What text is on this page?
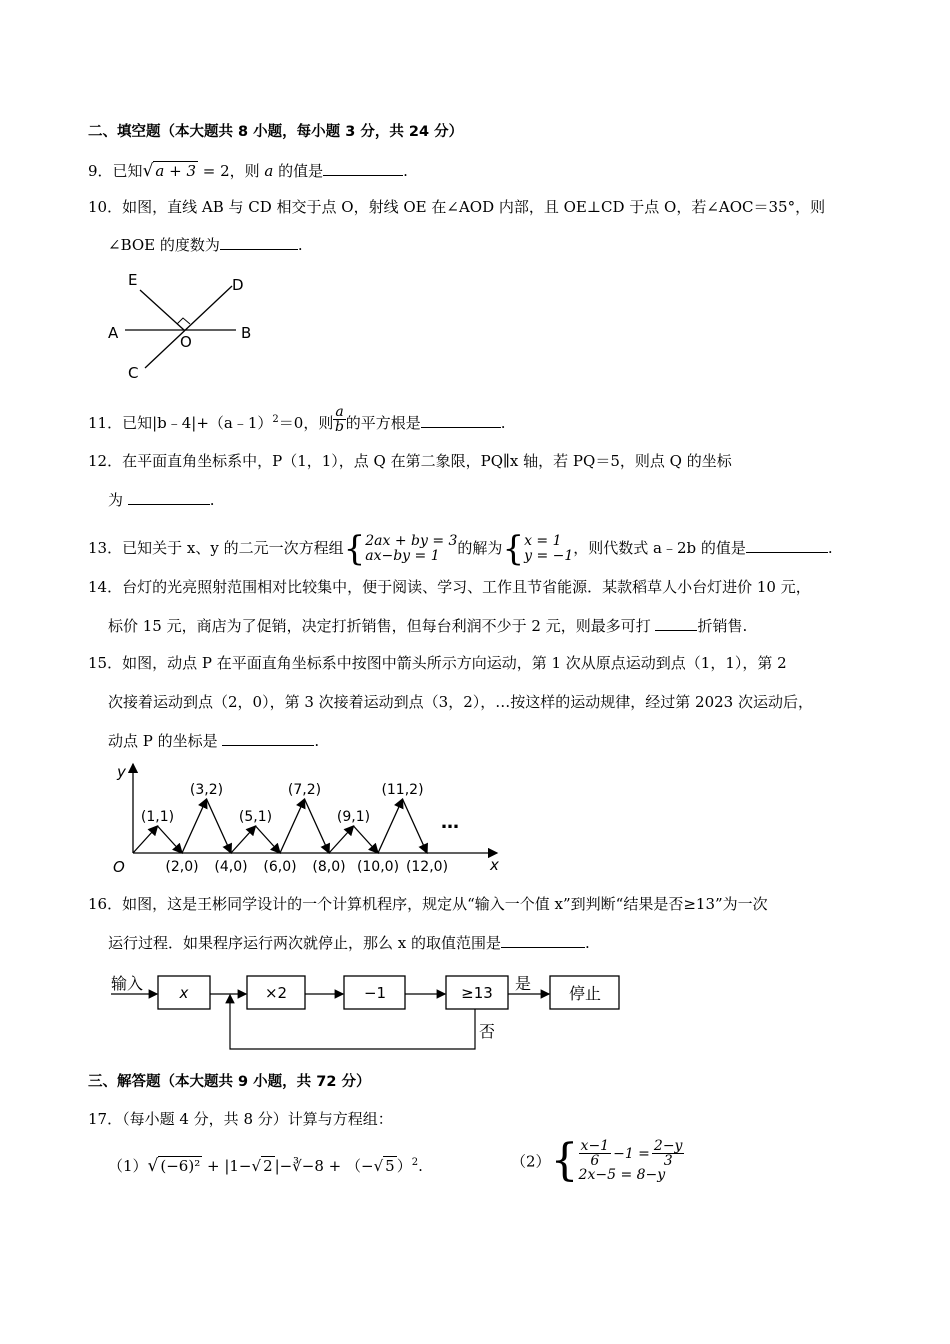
二、填空题（本大题共 8 小题，每小题 3 分，共 24 分）
9．已知√ a + 3 = 2，则 a 的值是	.
10．如图，直线 AB 与 CD 相交于点 O，射线 OE 在∠AOD 内部，且 OE⊥CD 于点 O，若∠AOC＝35°，则
∠BOE 的度数为	.
E	D
A	B
O
C
11．已知|b﹣4|+（a﹣1）$^2$＝0，则 $\frac{a}{b}$ 的平方根是	.
12．在平面直角坐标系中，P（1，1），点 Q 在第二象限，PQ∥x 轴，若 PQ＝5，则点 Q 的坐标
为	.
13．已知关于 x、y 的二元一次方程组{ 2ax + by = 3
ax−by = 1	的解为{ x = 1
y = −1 ，则代数式 a﹣2b 的值是	.
14．台灯的光亮照射范围相对比较集中，便于阅读、学习、工作且节省能源．某款稻草人小台灯进价 10 元，
标价 15 元，商店为了促销，决定打折销售，但每台利润不少于 2 元，则最多可打	折销售.
15．如图，动点 P 在平面直角坐标系中按图中箭头所示方向运动，第 1 次从原点运动到点（1，1），第 2
次接着运动到点（2，0），第 3 次接着运动到点（3，2），…按这样的运动规律，经过第 2023 次运动后，
动点 P 的坐标是	.
y
x
O
…
(1,1)
(3,2)
(5,1)
(7,2)
(9,1)
(11,2)
(2,0) (4,0) (6,0) (8,0) (10,0) (12,0)
16．如图，这是王彬同学设计的一个计算机程序，规定从“输入一个值 x”到判断“结果是否≥13”为一次
运行过程．如果程序运行两次就停止，那么 x 的取值范围是	.
输入 x	×2	−1	≥13 是
停止
否
三、解答题（本大题共 9 小题，共 72 分）
17．（每小题 4 分，共 8 分）计算与方程组：
（1）√ (−6)² + |1−√ 2 |−∛−8 + （−√ 5 ）$^2$.	$(2)\{ \frac{x-1}{6} -1 = \frac{2-y}{3}$
2x−5 = 8−y
